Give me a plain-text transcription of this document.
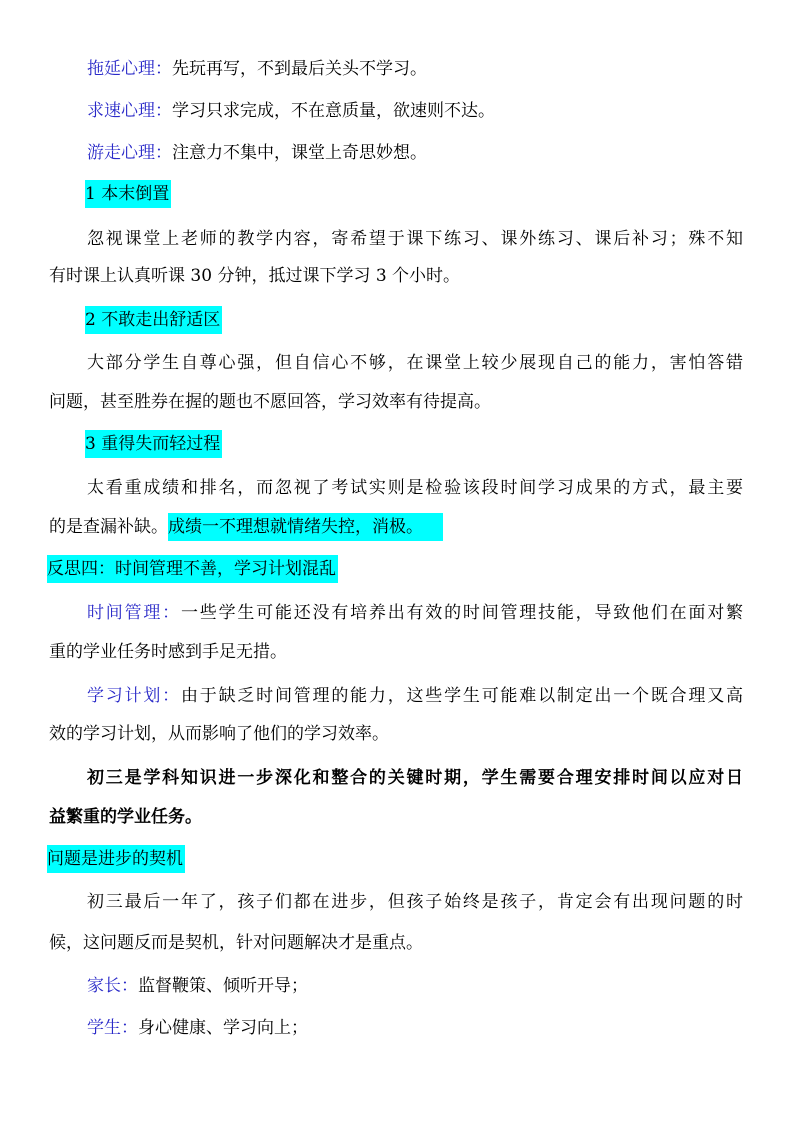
拖延心理：先玩再写，不到最后关头不学习。
求速心理：学习只求完成，不在意质量，欲速则不达。
游走心理：注意力不集中，课堂上奇思妙想。
1 本末倒置
忽视课堂上老师的教学内容，寄希望于课下练习、课外练习、课后补习；殊不知
有时课上认真听课 30 分钟，抵过课下学习 3 个小时。
2 不敢走出舒适区
大部分学生自尊心强，但自信心不够，在课堂上较少展现自己的能力，害怕答错
问题，甚至胜券在握的题也不愿回答，学习效率有待提高。
3 重得失而轻过程
太看重成绩和排名，而忽视了考试实则是检验该段时间学习成果的方式，最主要
的是查漏补缺。成绩一不理想就情绪失控，消极。
反思四：时间管理不善，学习计划混乱
时间管理：一些学生可能还没有培养出有效的时间管理技能，导致他们在面对繁
重的学业任务时感到手足无措。
学习计划：由于缺乏时间管理的能力，这些学生可能难以制定出一个既合理又高
效的学习计划，从而影响了他们的学习效率。
初三是学科知识进一步深化和整合的关键时期，学生需要合理安排时间以应对日
益繁重的学业任务。
问题是进步的契机
初三最后一年了，孩子们都在进步，但孩子始终是孩子，肯定会有出现问题的时
候，这问题反而是契机，针对问题解决才是重点。
家长：监督鞭策、倾听开导；
学生：身心健康、学习向上；
